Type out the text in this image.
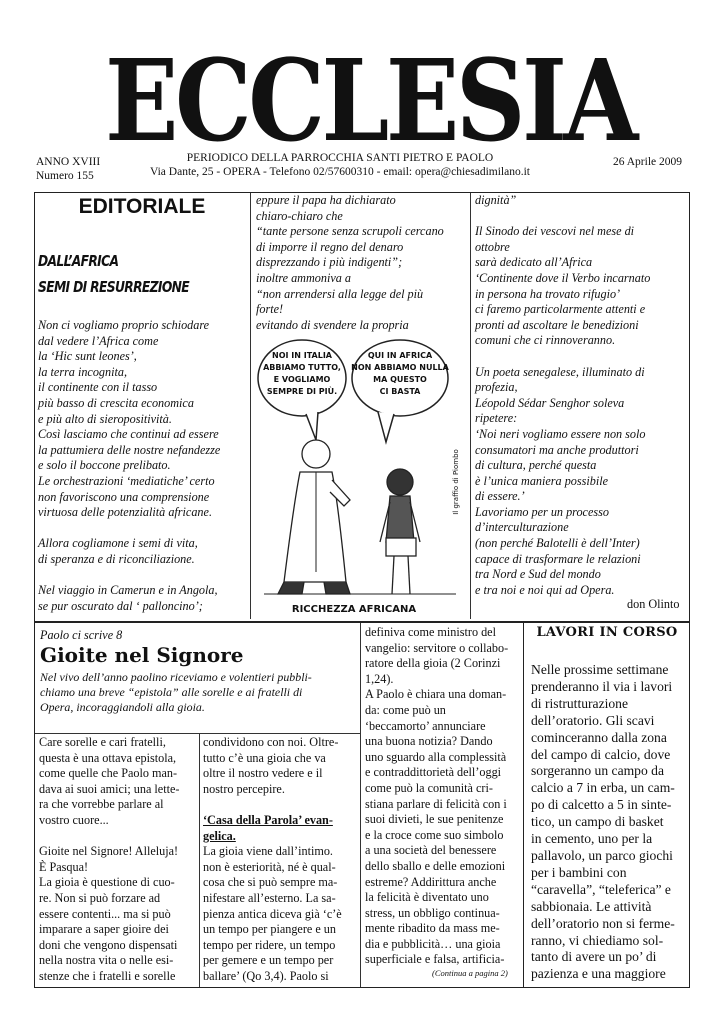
ECCLESIA
ANNO XVIII
Numero 155
PERIODICO DELLA PARROCCHIA SANTI PIETRO E PAOLO
Via Dante, 25 - OPERA - Telefono 02/57600310 - email: opera@chiesadimilano.it
26 Aprile 2009
EDITORIALE
DALL’AFRICA
SEMI DI RESURREZIONE
Non ci vogliamo proprio schiodare
dal vedere l’Africa come
la ‘Hic sunt leones’,
la terra incognita,
il continente con il tasso
più basso di crescita economica
e più alto di sieropositività.
Così lasciamo che continui ad essere
la pattumiera delle nostre nefandezze
e solo il boccone prelibato.
Le orchestrazioni ‘mediatiche’ certo
non favoriscono una comprensione
virtuosa delle potenzialità africane.
Allora cogliamone i semi di vita,
di speranza e di riconciliazione.
Nel viaggio in Camerun e in Angola,
se pur oscurato dal ‘ palloncino’;
eppure il papa ha dichiarato
chiaro-chiaro che
“tante persone senza scrupoli cercano
di imporre il regno del denaro
disprezzando i più indigenti”;
inoltre ammoniva a
“non arrendersi alla legge del più
forte!
evitando di svendere la propria
dignità”
Il Sinodo dei vescovi nel mese di
ottobre
sarà dedicato all’Africa
‘Continente dove il Verbo incarnato
in persona ha trovato rifugio’
ci faremo particolarmente attenti e
pronti ad ascoltare le benedizioni
comuni che ci rinnoveranno.
Un poeta senegalese, illuminato di
profezia,
Léopold Sédar Senghor soleva
ripetere:
‘Noi neri vogliamo essere non solo
consumatori ma anche produttori
di cultura, perché questa
è l’unica maniera possibile
di essere.’
Lavoriamo per un processo
d’interculturazione
(non perché Balotelli è dell’Inter)
capace di trasformare le relazioni
tra Nord e Sud del mondo
e tra noi e noi qui ad Opera.
don Olinto
NOI IN ITALIA
ABBIAMO TUTTO,
E VOGLIAMO
SEMPRE DI PIÙ.
QUI IN AFRICA
NON ABBIAMO NULLA
MA QUESTO
CI BASTA
RICCHEZZA AFRICANA
Il graffio di Piombo
Paolo ci scrive 8
Gioite nel Signore
Nel vivo dell’anno paolino riceviamo e volentieri pubbli-
chiamo una breve “epistola” alle sorelle e ai fratelli di
Opera, incoraggiandoli alla gioia.
Care sorelle e cari fratelli,
questa è una ottava epistola,
come quelle che Paolo man-
dava ai suoi amici; una lette-
ra che vorrebbe parlare al
vostro cuore...
Gioite nel Signore! Alleluja!
È Pasqua!
La gioia è questione di cuo-
re. Non si può forzare ad
essere contenti... ma si può
imparare a saper gioire dei
doni che vengono dispensati
nella nostra vita o nelle esi-
stenze che i fratelli e sorelle
condividono con noi. Oltre-
tutto c’è una gioia che va
oltre il nostro vedere e il
nostro percepire.
‘Casa della Parola’ evan-
gelica.
La gioia viene dall’intimo.
non è esteriorità, né è qual-
cosa che si può sempre ma-
nifestare all’esterno. La sa-
pienza antica diceva già ‘c’è
un tempo per piangere e un
tempo per ridere, un tempo
per gemere e un tempo per
ballare’ (Qo 3,4). Paolo si
definiva come ministro del
vangelio: servitore o collabo-
ratore della gioia (2 Corinzi
1,24).
A Paolo è chiara una doman-
da: come può un
‘beccamorto’ annunciare
una buona notizia? Dando
uno sguardo alla complessità
e contraddittorietà dell’oggi
come può la comunità cri-
stiana parlare di felicità con i
suoi divieti, le sue penitenze
e la croce come suo simbolo
a una società del benessere
dello sballo e delle emozioni
estreme? Addirittura anche
la felicità è diventato uno
stress, un obbligo continua-
mente ribadito da mass me-
dia e pubblicità… una gioia
superficiale e falsa, artificia-
(Continua a pagina 2)
LAVORI IN CORSO
Nelle prossime settimane
prenderanno il via i lavori
di ristrutturazione
dell’oratorio. Gli scavi
cominceranno dalla zona
del campo di calcio, dove
sorgeranno un campo da
calcio a 7 in erba, un cam-
po di calcetto a 5 in sinte-
tico, un campo di basket
in cemento, uno per la
pallavolo, un parco giochi
per i bambini con
“caravella”, “teleferica” e
sabbionaia. Le attività
dell’oratorio non si ferme-
ranno, vi chiediamo sol-
tanto di avere un po’ di
pazienza e una maggiore
